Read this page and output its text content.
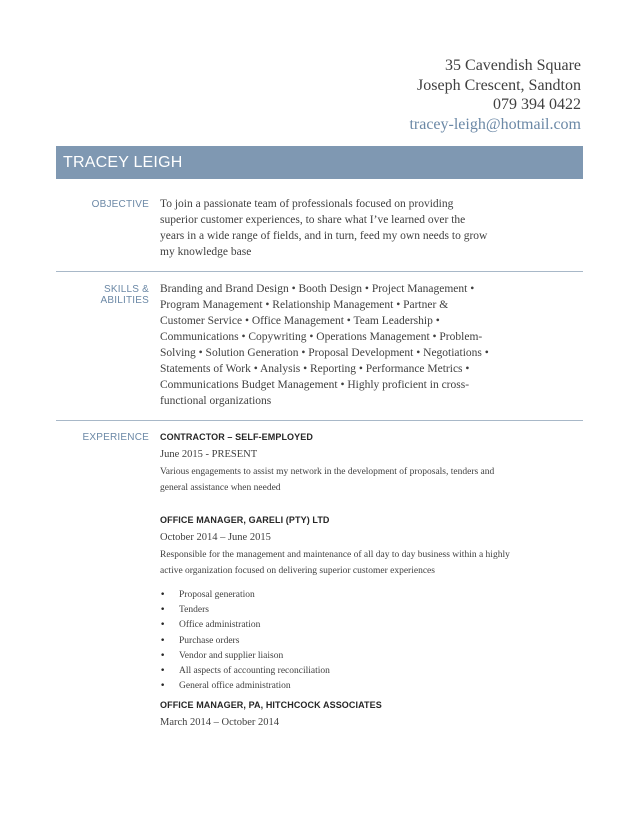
35 Cavendish Square
Joseph Crescent, Sandton
079 394 0422
tracey-leigh@hotmail.com
TRACEY LEIGH
OBJECTIVE To join a passionate team of professionals focused on providing
superior customer experiences, to share what I’ve learned over the
years in a wide range of fields, and in turn, feed my own needs to grow
my knowledge base
SKILLS & ABILITIES
Branding and Brand Design • Booth Design • Project Management •
Program Management • Relationship Management • Partner &
Customer Service • Office Management • Team Leadership •
Communications • Copywriting • Operations Management • Problem-
Solving • Solution Generation • Proposal Development • Negotiations •
Statements of Work • Analysis • Reporting • Performance Metrics •
Communications Budget Management • Highly proficient in cross-
functional organizations
EXPERIENCE CONTRACTOR – SELF-EMPLOYED
June 2015 - PRESENT
Various engagements to assist my network in the development of proposals, tenders and
general assistance when needed
OFFICE MANAGER, GARELI (PTY) LTD
October 2014 – June 2015
Responsible for the management and maintenance of all day to day business within a highly
active organization focused on delivering superior customer experiences
• Proposal generation
• Tenders
• Office administration
• Purchase orders
• Vendor and supplier liaison
• All aspects of accounting reconciliation
• General office administration
OFFICE MANAGER, PA, HITCHCOCK ASSOCIATES
March 2014 – October 2014
